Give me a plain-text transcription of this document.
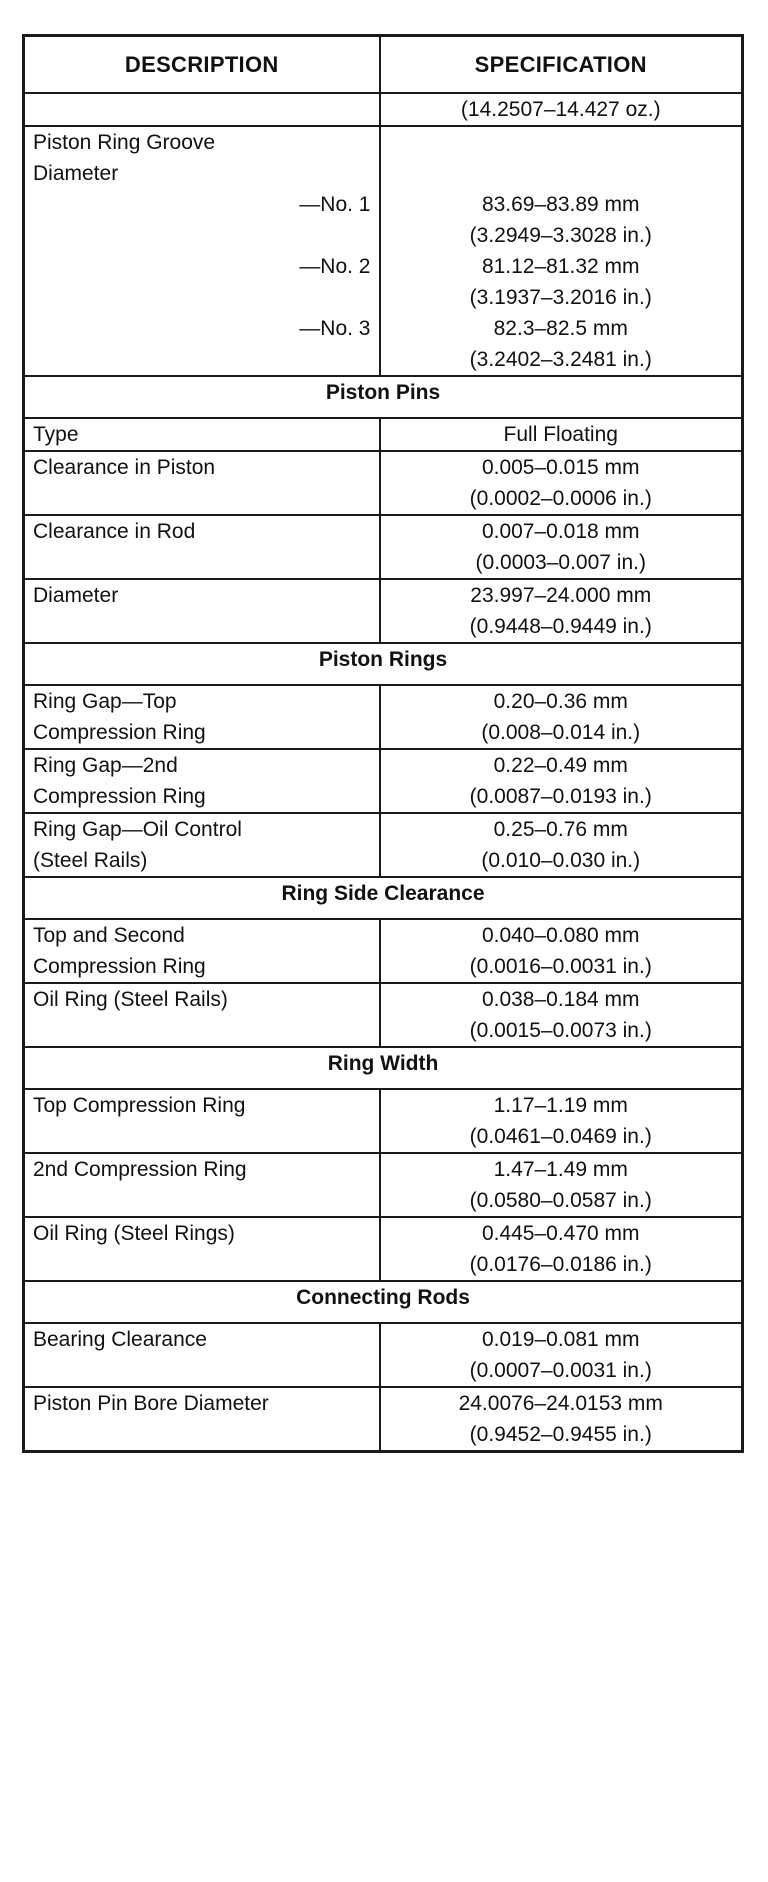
DESCRIPTION	SPECIFICATION

	(14.2507–14.427 oz.)

Piston Ring Groove
Diameter	

—No. 1	83.69–83.89 mm
(3.2949–3.3028 in.)

—No. 2	81.12–81.32 mm
(3.1937–3.2016 in.)

—No. 3	82.3–82.5 mm
(3.2402–3.2481 in.)

Piston Pins	

Type	Full Floating

Clearance in Piston	0.005–0.015 mm
(0.0002–0.0006 in.)

Clearance in Rod	0.007–0.018 mm
(0.0003–0.007 in.)

Diameter	23.997–24.000 mm
(0.9448–0.9449 in.)

Piston Rings	

Ring Gap—Top
Compression Ring	0.20–0.36 mm
(0.008–0.014 in.)

Ring Gap—2nd
Compression Ring	0.22–0.49 mm
(0.0087–0.0193 in.)

Ring Gap—Oil Control
(Steel Rails)	0.25–0.76 mm
(0.010–0.030 in.)

Ring Side Clearance	

Top and Second
Compression Ring	0.040–0.080 mm
(0.0016–0.0031 in.)

Oil Ring (Steel Rails)	0.038–0.184 mm
(0.0015–0.0073 in.)

Ring Width	

Top Compression Ring	1.17–1.19 mm
(0.0461–0.0469 in.)

2nd Compression Ring	1.47–1.49 mm
(0.0580–0.0587 in.)

Oil Ring (Steel Rings)	0.445–0.470 mm
(0.0176–0.0186 in.)

Connecting Rods	

Bearing Clearance	0.019–0.081 mm
(0.0007–0.0031 in.)

Piston Pin Bore Diameter	24.0076–24.0153 mm
(0.9452–0.9455 in.)
